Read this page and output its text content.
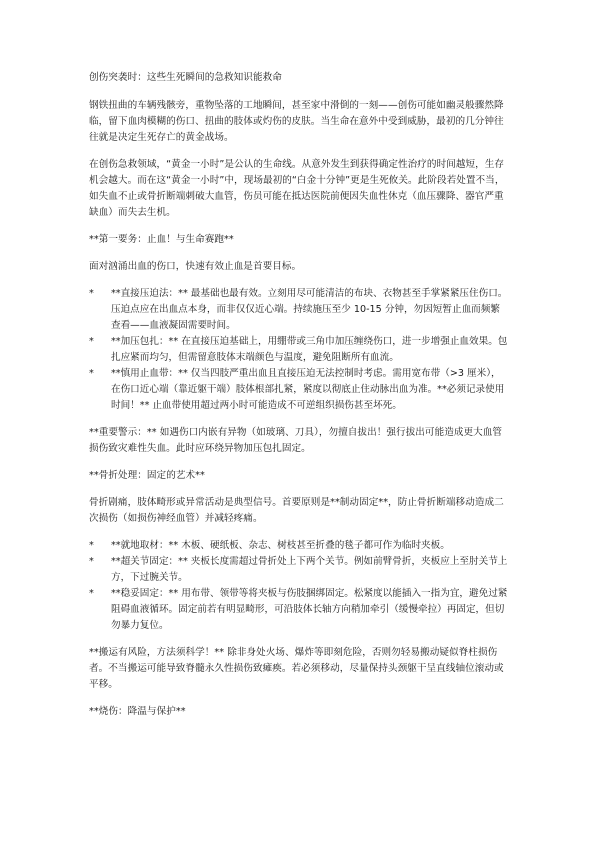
创伤突袭时：这些生死瞬间的急救知识能救命

钢铁扭曲的车辆残骸旁，重物坠落的工地瞬间，甚至家中滑倒的一刻——创伤可能如幽灵般骤然降临，留下血肉模糊的伤口、扭曲的肢体或灼伤的皮肤。当生命在意外中受到威胁，最初的几分钟往往就是决定生死存亡的黄金战场。

在创伤急救领域，“黄金一小时”是公认的生命线。从意外发生到获得确定性治疗的时间越短，生存机会越大。而在这“黄金一小时”中，现场最初的“白金十分钟”更是生死攸关。此阶段若处置不当，如失血不止或骨折断端刺破大血管，伤员可能在抵达医院前便因失血性休克（血压骤降、器官严重缺血）而失去生机。

**第一要务：止血！与生命赛跑**

面对汹涌出血的伤口，快速有效止血是首要目标。

* **直接压迫法：** 最基础也最有效。立刻用尽可能清洁的布块、衣物甚至手掌紧紧压住伤口。压迫点应在出血点本身，而非仅仅近心端。持续施压至少 10-15 分钟，勿因短暂止血而频繁查看——血液凝固需要时间。
* **加压包扎：** 在直接压迫基础上，用绷带或三角巾加压缠绕伤口，进一步增强止血效果。包扎应紧而均匀，但需留意肢体末端颜色与温度，避免阻断所有血流。
* **慎用止血带：** 仅当四肢严重出血且直接压迫无法控制时考虑。需用宽布带（>3 厘米），在伤口近心端（靠近躯干端）肢体根部扎紧，紧度以彻底止住动脉出血为准。**必须记录使用时间！** 止血带使用超过两小时可能造成不可逆组织损伤甚至坏死。

**重要警示：** 如遇伤口内嵌有异物（如玻璃、刀具），勿擅自拔出！强行拔出可能造成更大血管损伤致灾难性失血。此时应环绕异物加压包扎固定。

**骨折处理：固定的艺术**

骨折剧痛，肢体畸形或异常活动是典型信号。首要原则是**制动固定**，防止骨折断端移动造成二次损伤（如损伤神经血管）并减轻疼痛。

* **就地取材：** 木板、硬纸板、杂志、树枝甚至折叠的毯子都可作为临时夹板。
* **超关节固定：** 夹板长度需超过骨折处上下两个关节。例如前臂骨折，夹板应上至肘关节上方，下过腕关节。
* **稳妥固定：** 用布带、领带等将夹板与伤肢捆绑固定。松紧度以能插入一指为宜，避免过紧阻碍血液循环。固定前若有明显畸形，可沿肢体长轴方向稍加牵引（缓慢牵拉）再固定，但切勿暴力复位。

**搬运有风险，方法须科学！** 除非身处火场、爆炸等即刻危险，否则勿轻易搬动疑似脊柱损伤者。不当搬运可能导致脊髓永久性损伤致瘫痪。若必须移动，尽量保持头颈躯干呈直线轴位滚动或平移。

**烧伤：降温与保护**
